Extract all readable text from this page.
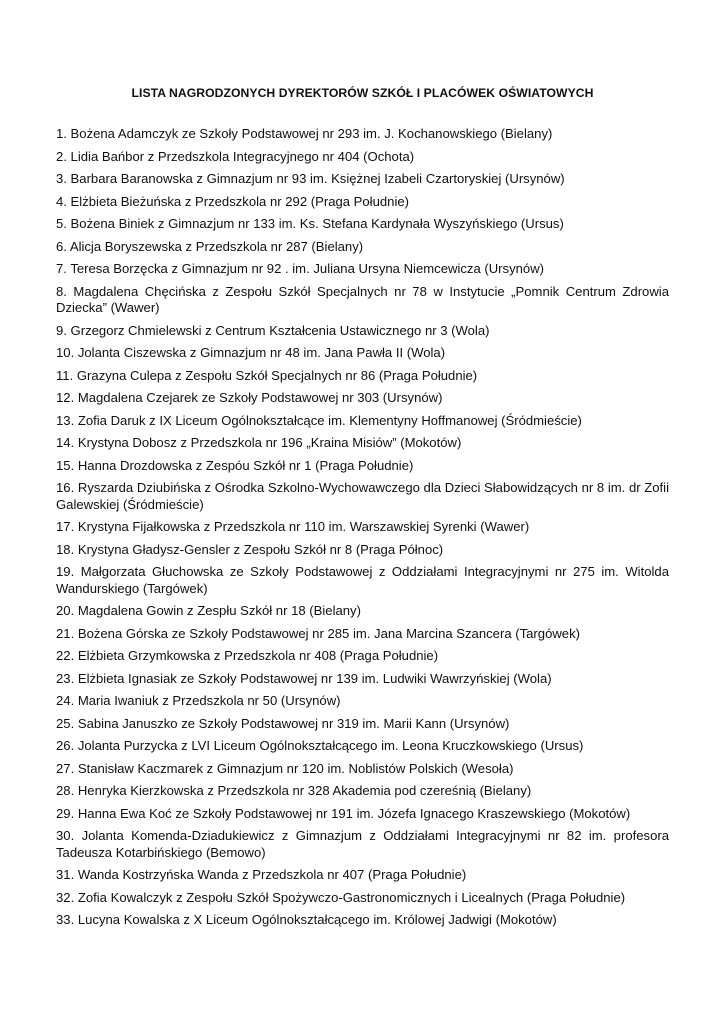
LISTA NAGRODZONYCH DYREKTORÓW SZKÓŁ I PLACÓWEK OŚWIATOWYCH
1. Bożena Adamczyk ze Szkoły Podstawowej nr 293 im. J. Kochanowskiego (Bielany)
2. Lidia Bańbor z Przedszkola Integracyjnego nr 404 (Ochota)
3. Barbara Baranowska z Gimnazjum nr 93 im. Księżnej Izabeli Czartoryskiej (Ursynów)
4. Elżbieta Bieżuńska z Przedszkola nr 292 (Praga Południe)
5. Bożena Biniek z Gimnazjum nr 133 im. Ks. Stefana Kardynała Wyszyńskiego (Ursus)
6. Alicja Boryszewska z Przedszkola nr 287 (Bielany)
7. Teresa Borzęcka z Gimnazjum nr 92 . im. Juliana Ursyna Niemcewicza (Ursynów)
8. Magdalena Chęcińska z Zespołu Szkół Specjalnych nr 78 w Instytucie „Pomnik Centrum Zdrowia Dziecka” (Wawer)
9. Grzegorz Chmielewski z Centrum Kształcenia Ustawicznego nr 3 (Wola)
10. Jolanta Ciszewska z Gimnazjum nr 48 im. Jana Pawła II (Wola)
11. Grazyna Culepa z Zespołu Szkół Specjalnych nr 86 (Praga Południe)
12. Magdalena Czejarek ze Szkoły Podstawowej nr 303 (Ursynów)
13. Zofia Daruk z IX Liceum Ogólnokształcące im. Klementyny Hoffmanowej (Śródmieście)
14. Krystyna Dobosz z Przedszkola nr 196 „Kraina Misiów” (Mokotów)
15. Hanna Drozdowska z Zespóu Szkół nr 1 (Praga Południe)
16. Ryszarda Dziubińska z Ośrodka Szkolno-Wychowawczego dla Dzieci Słabowidzących nr 8 im. dr Zofii Galewskiej (Śródmieście)
17. Krystyna Fijałkowska z Przedszkola nr 110 im. Warszawskiej Syrenki (Wawer)
18. Krystyna Gładysz-Gensler z Zespołu Szkół nr 8 (Praga Północ)
19. Małgorzata Głuchowska ze Szkoły Podstawowej z Oddziałami Integracyjnymi nr 275 im. Witolda Wandurskiego (Targówek)
20. Magdalena Gowin z Zespłu Szkół nr 18 (Bielany)
21. Bożena Górska ze Szkoły Podstawowej nr 285 im. Jana Marcina Szancera (Targówek)
22. Elżbieta Grzymkowska z Przedszkola nr 408 (Praga Południe)
23. Elżbieta Ignasiak ze Szkoły Podstawowej nr 139 im. Ludwiki Wawrzyńskiej (Wola)
24. Maria Iwaniuk z Przedszkola nr 50 (Ursynów)
25. Sabina Januszko ze Szkoły Podstawowej nr 319 im. Marii Kann (Ursynów)
26. Jolanta Purzycka z LVI Liceum Ogólnokształcącego im. Leona Kruczkowskiego (Ursus)
27. Stanisław Kaczmarek z Gimnazjum nr 120 im. Noblistów Polskich (Wesoła)
28. Henryka Kierzkowska z Przedszkola nr 328 Akademia pod czereśnią (Bielany)
29. Hanna Ewa Koć ze Szkoły Podstawowej nr 191 im. Józefa Ignacego Kraszewskiego (Mokotów)
30. Jolanta Komenda-Dziadukiewicz z Gimnazjum z Oddziałami Integracyjnymi nr 82 im. profesora Tadeusza Kotarbińskiego (Bemowo)
31. Wanda Kostrzyńska Wanda z Przedszkola nr 407 (Praga Południe)
32. Zofia Kowalczyk z Zespołu Szkół Spożywczo-Gastronomicznych i Licealnych (Praga Południe)
33. Lucyna Kowalska z X Liceum Ogólnokształcącego im. Królowej Jadwigi (Mokotów)
